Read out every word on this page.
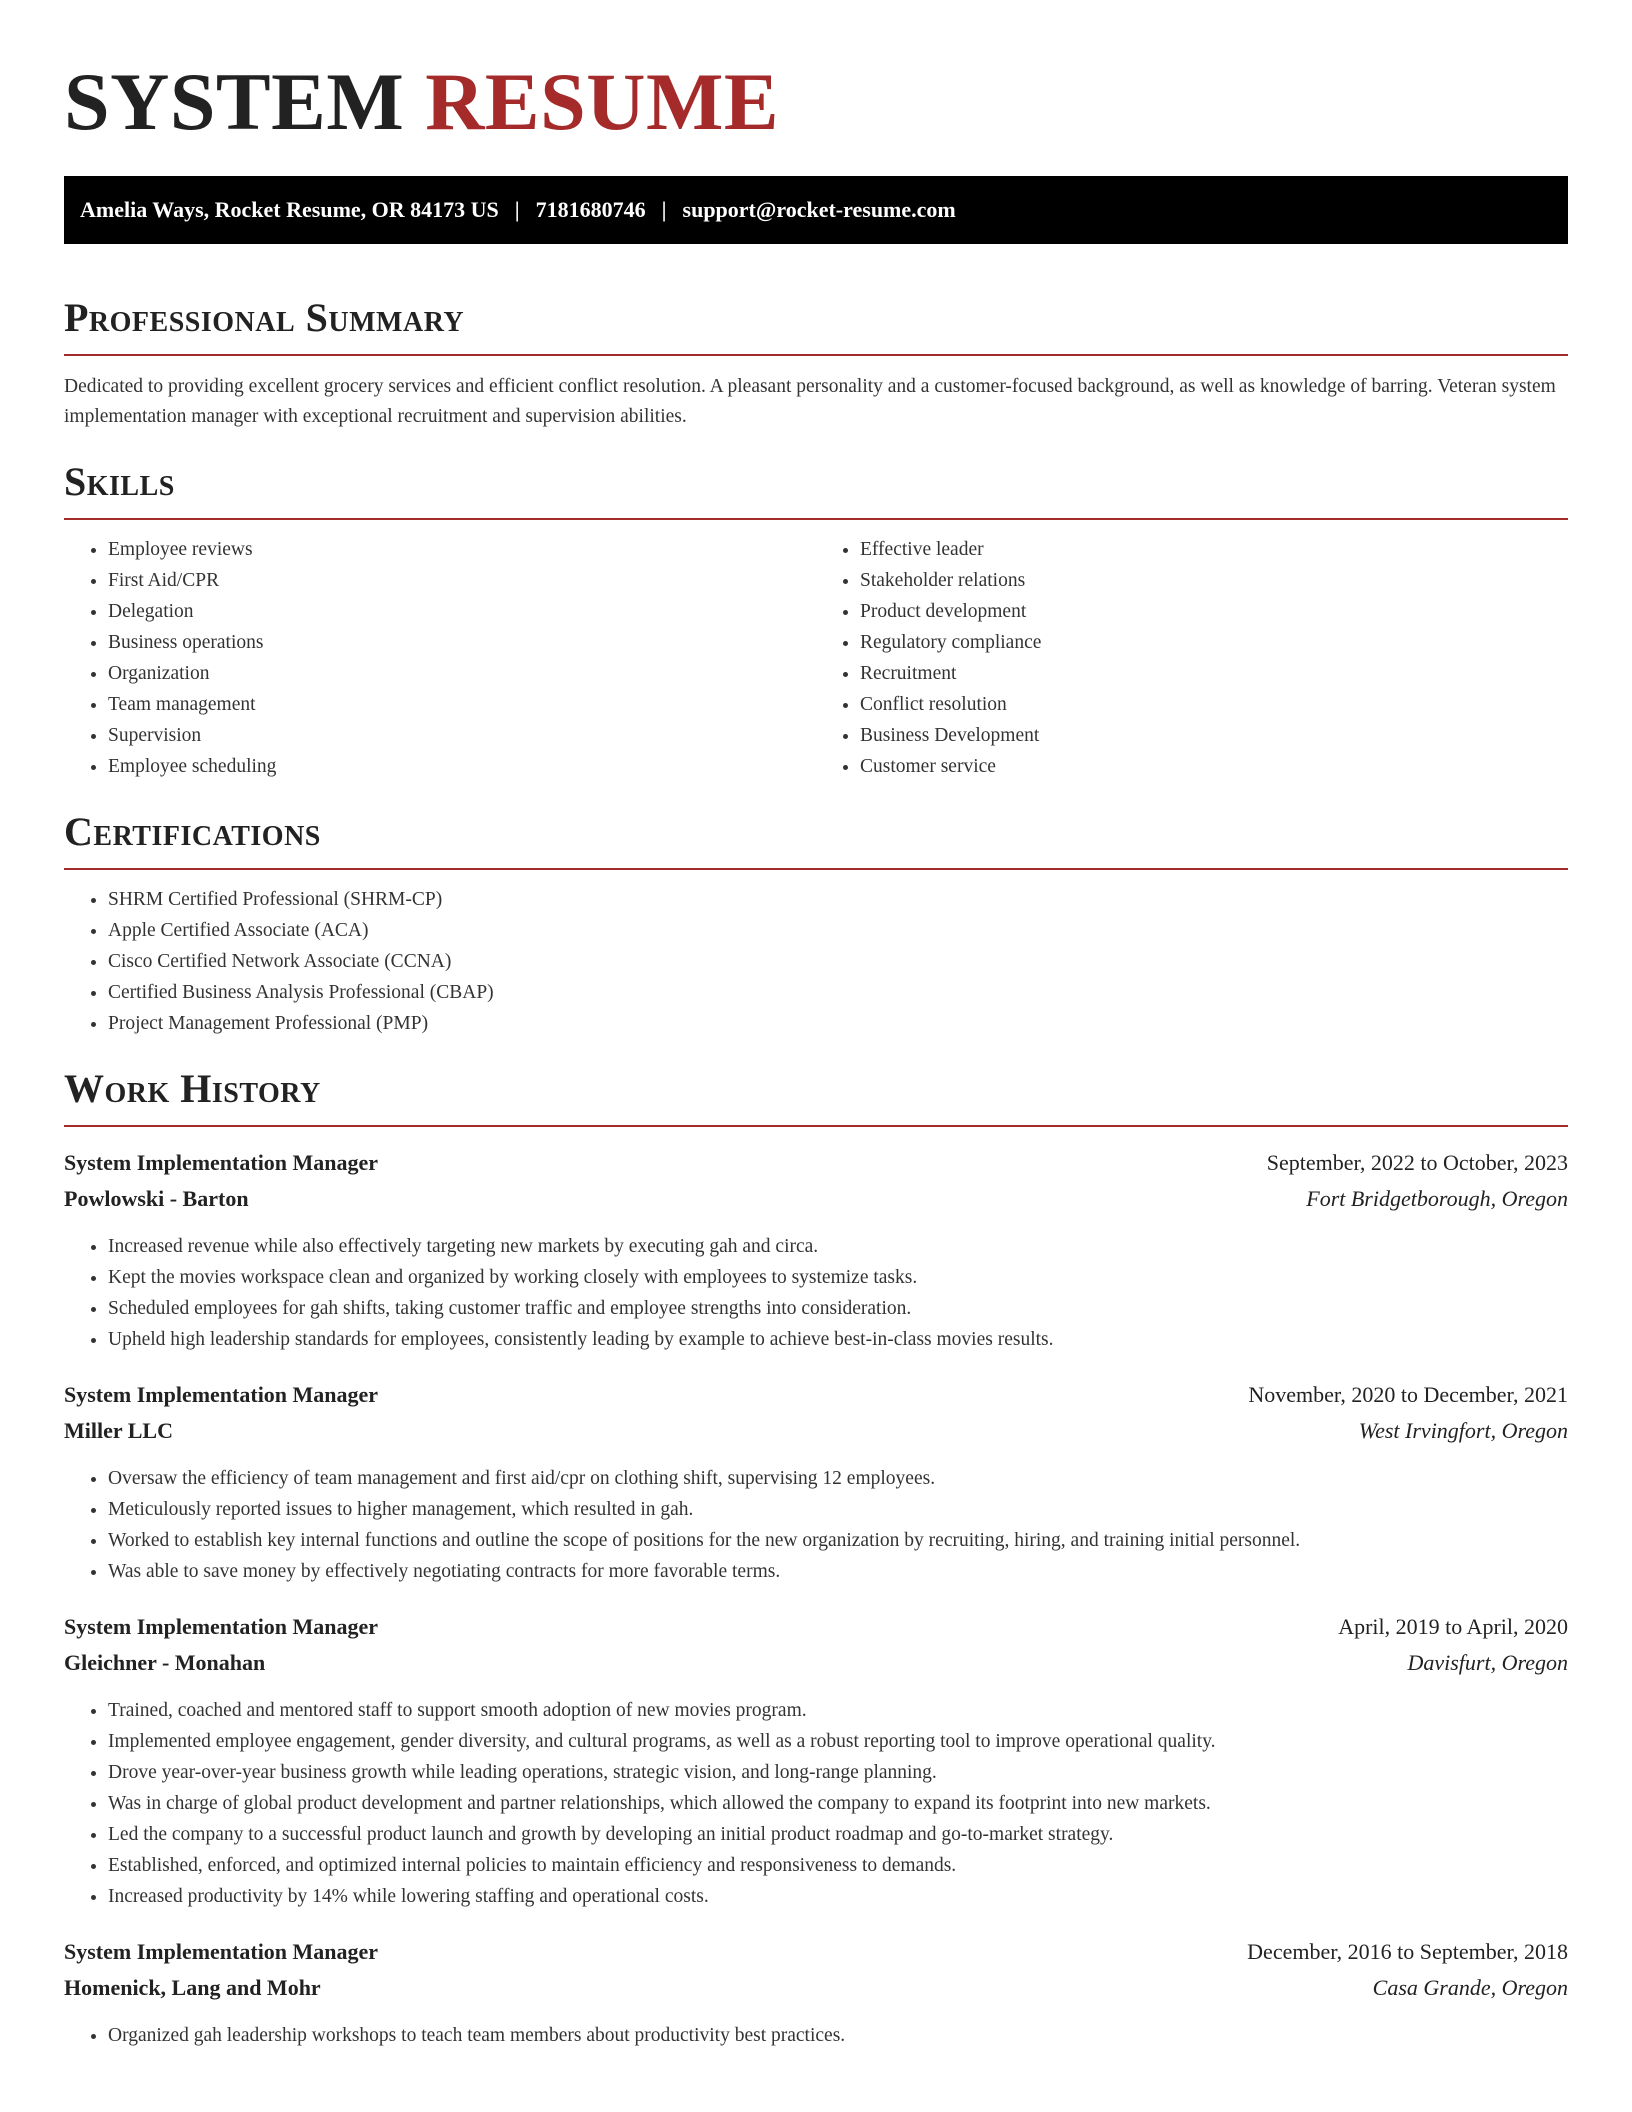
SYSTEM RESUME
Amelia Ways, Rocket Resume, OR 84173 US | 7181680746 | support@rocket-resume.com
Professional Summary

Dedicated to providing excellent grocery services and efficient conflict resolution. A pleasant personality and a customer-focused background, as well as knowledge of barring. Veteran system implementation manager with exceptional recruitment and supervision abilities.

Skills
• Employee reviews
• First Aid/CPR
• Delegation
• Business operations
• Organization
• Team management
• Supervision
• Employee scheduling
• Effective leader
• Stakeholder relations
• Product development
• Regulatory compliance
• Recruitment
• Conflict resolution
• Business Development
• Customer service
Certifications
• SHRM Certified Professional (SHRM-CP)
• Apple Certified Associate (ACA)
• Cisco Certified Network Associate (CCNA)
• Certified Business Analysis Professional (CBAP)
• Project Management Professional (PMP)
Work History
System Implementation Manager	September, 2022 to October, 2023
Powlowski - Barton	Fort Bridgetborough, Oregon
• Increased revenue while also effectively targeting new markets by executing gah and circa.
• Kept the movies workspace clean and organized by working closely with employees to systemize tasks.
• Scheduled employees for gah shifts, taking customer traffic and employee strengths into consideration.
• Upheld high leadership standards for employees, consistently leading by example to achieve best-in-class movies results.
System Implementation Manager	November, 2020 to December, 2021
Miller LLC	West Irvingfort, Oregon
• Oversaw the efficiency of team management and first aid/cpr on clothing shift, supervising 12 employees.
• Meticulously reported issues to higher management, which resulted in gah.
• Worked to establish key internal functions and outline the scope of positions for the new organization by recruiting, hiring, and training initial personnel.
• Was able to save money by effectively negotiating contracts for more favorable terms.
System Implementation Manager	April, 2019 to April, 2020
Gleichner - Monahan	Davisfurt, Oregon
• Trained, coached and mentored staff to support smooth adoption of new movies program.
• Implemented employee engagement, gender diversity, and cultural programs, as well as a robust reporting tool to improve operational quality.
• Drove year-over-year business growth while leading operations, strategic vision, and long-range planning.
• Was in charge of global product development and partner relationships, which allowed the company to expand its footprint into new markets.
• Led the company to a successful product launch and growth by developing an initial product roadmap and go-to-market strategy.
• Established, enforced, and optimized internal policies to maintain efficiency and responsiveness to demands.
• Increased productivity by 14% while lowering staffing and operational costs.
System Implementation Manager	December, 2016 to September, 2018
Homenick, Lang and Mohr	Casa Grande, Oregon
• Organized gah leadership workshops to teach team members about productivity best practices.
